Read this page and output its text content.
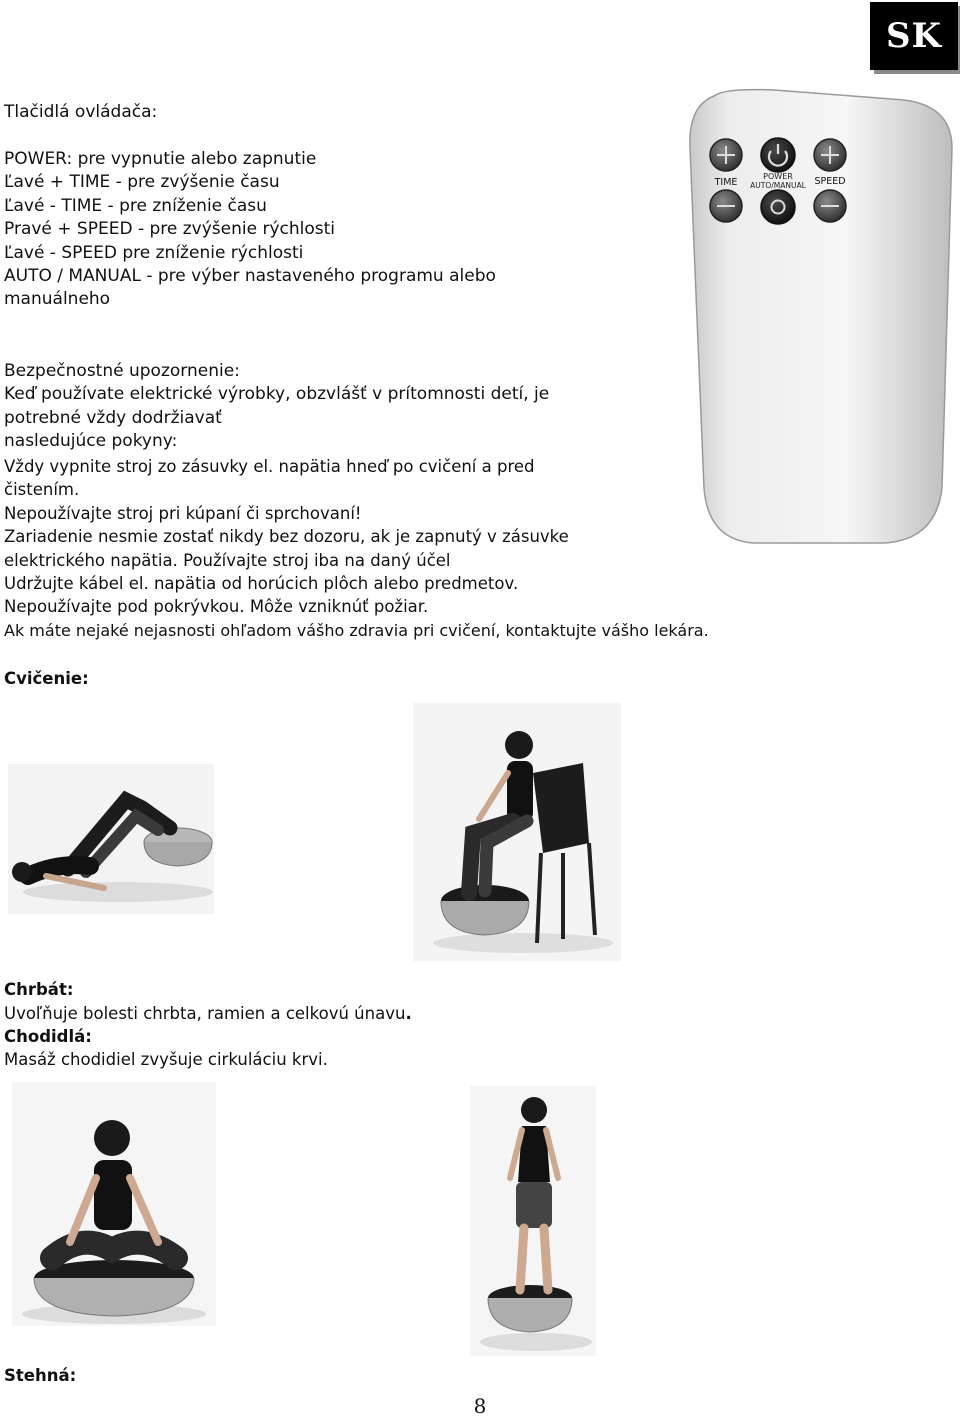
SK
TIME
POWER
AUTO/MANUAL SPEED
Tlačidlá ovládača:
POWER: pre vypnutie alebo zapnutie
Ľavé + TIME - pre zvýšenie času
Ľavé - TIME - pre zníženie času
Pravé + SPEED - pre zvýšenie rýchlosti
Ľavé - SPEED pre zníženie rýchlosti
AUTO / MANUAL - pre výber nastaveného programu alebo
manuálneho
Bezpečnostné upozornenie:
Keď používate elektrické výrobky, obzvlášť v prítomnosti detí, je
potrebné vždy dodržiavať
nasledujúce pokyny:
Vždy vypnite stroj zo zásuvky el. napätia hneď po cvičení a pred
čistením.
Nepoužívajte stroj pri kúpaní či sprchovaní!
Zariadenie nesmie zostať nikdy bez dozoru, ak je zapnutý v zásuvke
elektrického napätia. Používajte stroj iba na daný účel
Udržujte kábel el. napätia od horúcich plôch alebo predmetov.
Nepoužívajte pod pokrývkou. Môže vzniknúť požiar.
Ak máte nejaké nejasnosti ohľadom vášho zdravia pri cvičení, kontaktujte vášho lekára.
Cvičenie:
Chrbát:
Uvoľňuje bolesti chrbta, ramien a celkovú únavu.
Chodidlá:
Masáž chodidiel zvyšuje cirkuláciu krvi.
Stehná:
8
